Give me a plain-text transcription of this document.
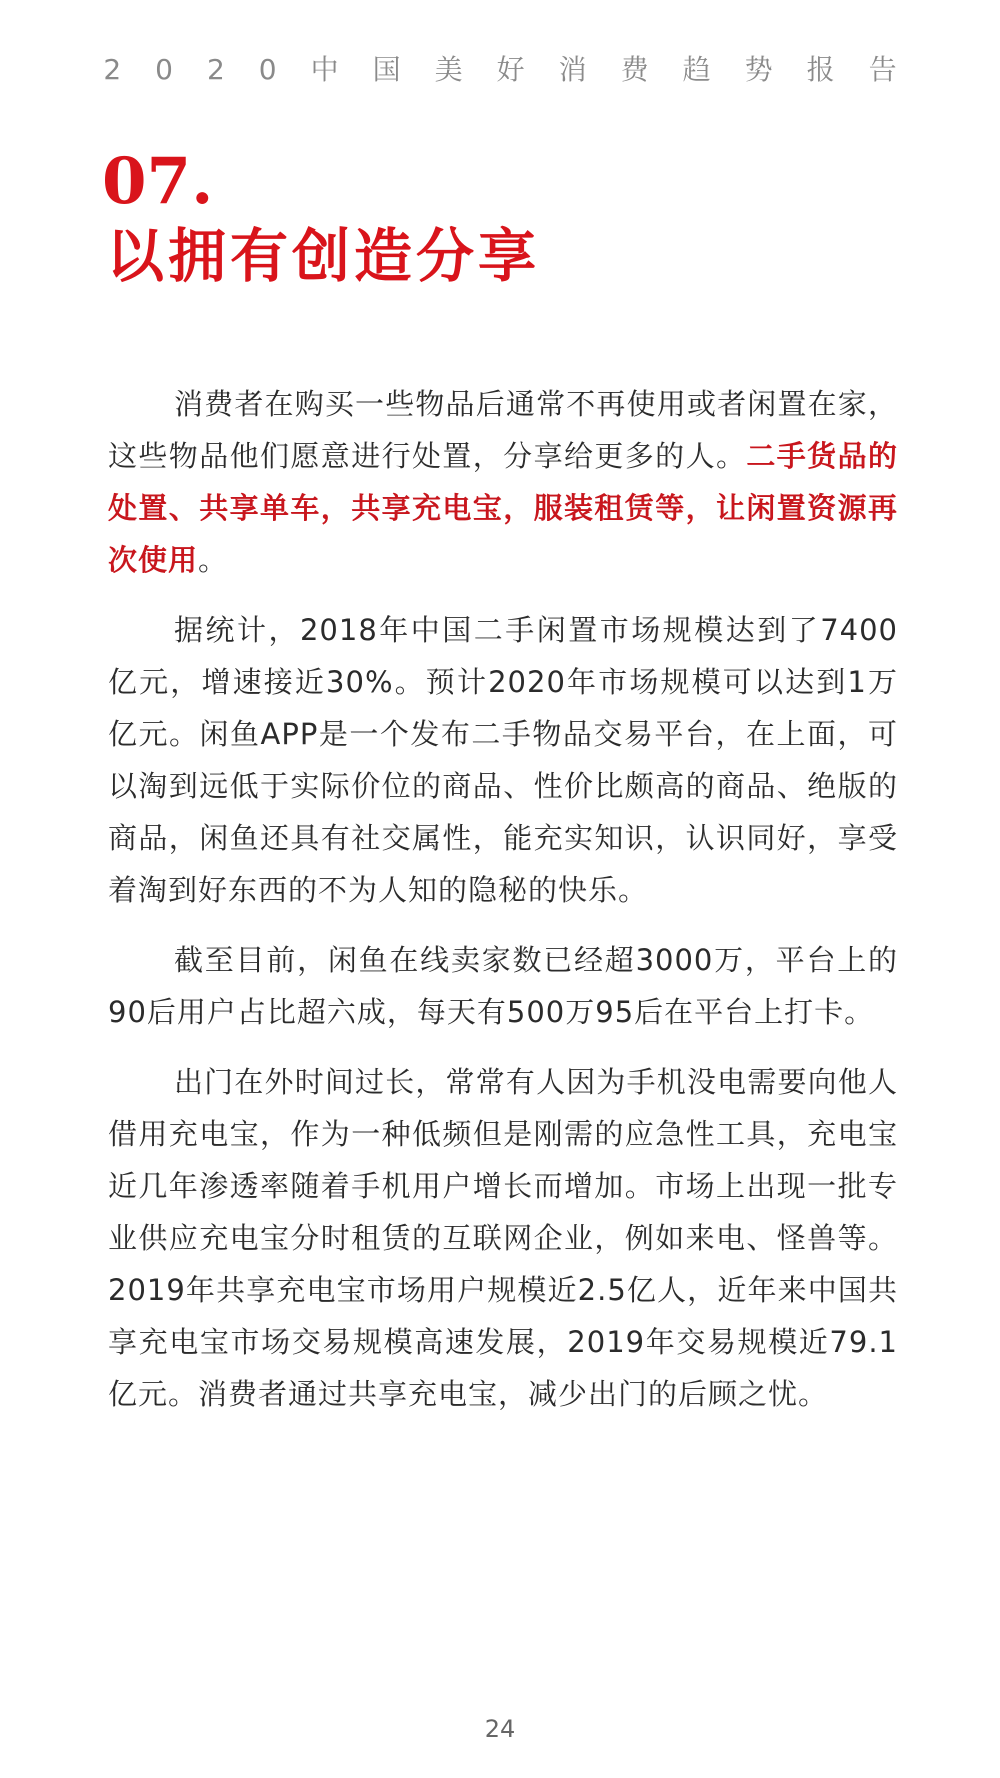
2020中国美好消费趋势报告
07.
以拥有创造分享

消费者在购买一些物品后通常不再使用或者闲置在家，这些物品他们愿意进行处置，分享给更多的人。二手货品的处置、共享单车，共享充电宝，服装租赁等，让闲置资源再次使用。

据统计，2018年中国二手闲置市场规模达到了7400亿元，增速接近30%。预计2020年市场规模可以达到1万亿元。闲鱼APP是一个发布二手物品交易平台，在上面，可以淘到远低于实际价位的商品、性价比颇高的商品、绝版的商品，闲鱼还具有社交属性，能充实知识，认识同好，享受着淘到好东西的不为人知的隐秘的快乐。

截至目前，闲鱼在线卖家数已经超3000万，平台上的90后用户占比超六成，每天有500万95后在平台上打卡。

出门在外时间过长，常常有人因为手机没电需要向他人借用充电宝，作为一种低频但是刚需的应急性工具，充电宝近几年渗透率随着手机用户增长而增加。市场上出现一批专业供应充电宝分时租赁的互联网企业，例如来电、怪兽等。2019年共享充电宝市场用户规模近2.5亿人，近年来中国共享充电宝市场交易规模高速发展，2019年交易规模近79.1亿元。消费者通过共享充电宝，减少出门的后顾之忧。

24
